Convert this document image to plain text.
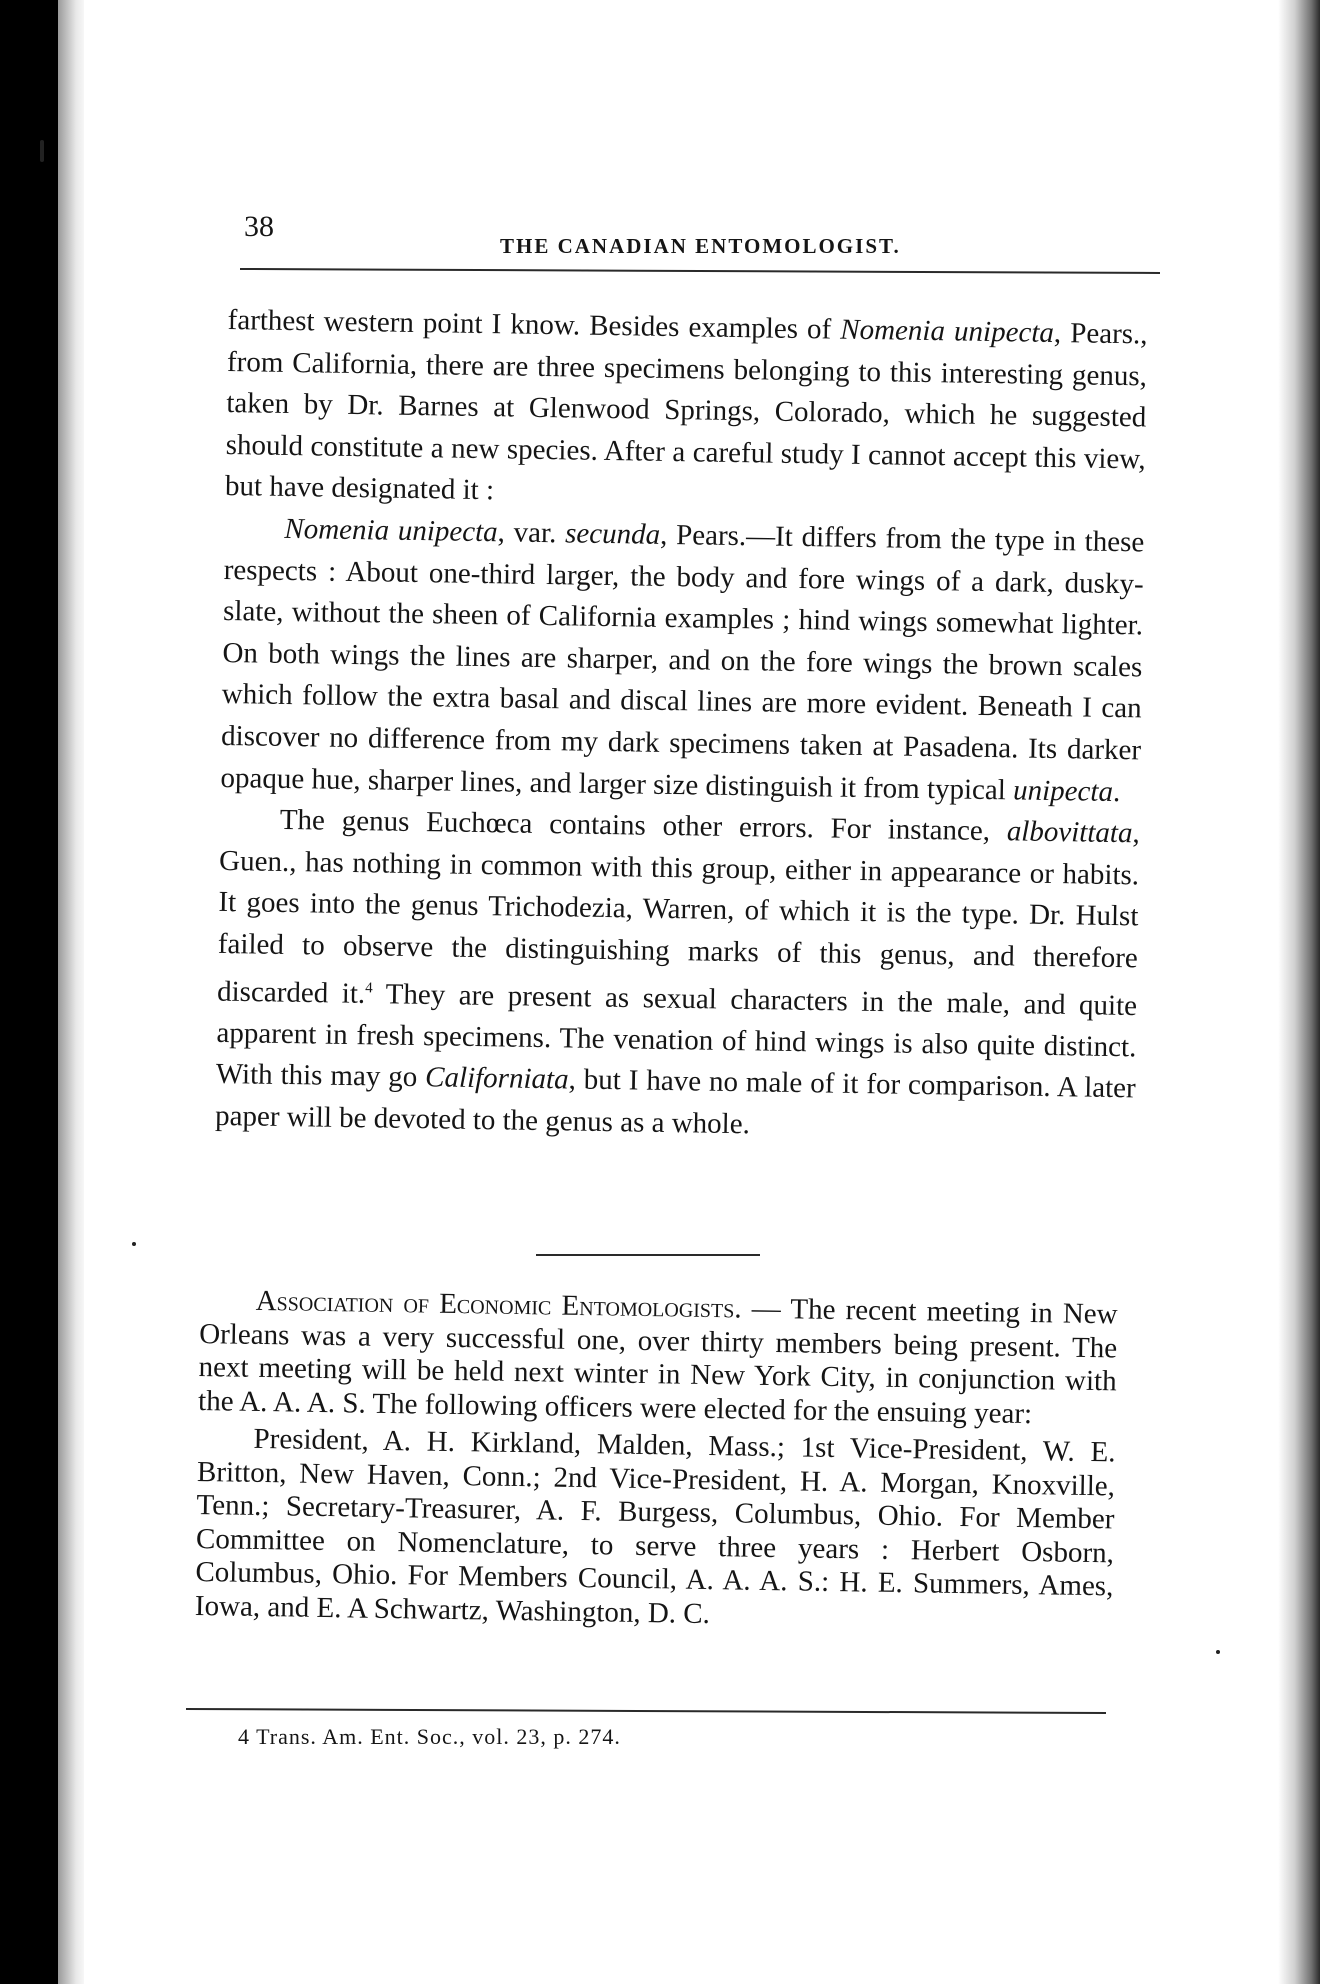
38

THE CANADIAN ENTOMOLOGIST.

farthest western point I know. Besides examples of Nomenia unipecta, Pears., from California, there are three specimens belonging to this interesting genus, taken by Dr. Barnes at Glenwood Springs, Colorado, which he suggested should constitute a new species. After a careful study I cannot accept this view, but have designated it :

Nomenia unipecta, var. secunda, Pears.—It differs from the type in these respects : About one-third larger, the body and fore wings of a dark, dusky-slate, without the sheen of California examples ; hind wings somewhat lighter. On both wings the lines are sharper, and on the fore wings the brown scales which follow the extra basal and discal lines are more evident. Beneath I can discover no difference from my dark specimens taken at Pasadena. Its darker opaque hue, sharper lines, and larger size distinguish it from typical unipecta.

The genus Euchœca contains other errors. For instance, albovittata, Guen., has nothing in common with this group, either in appearance or habits. It goes into the genus Trichodezia, Warren, of which it is the type. Dr. Hulst failed to observe the distinguishing marks of this genus, and therefore discarded it.$^4$ They are present as sexual characters in the male, and quite apparent in fresh specimens. The venation of hind wings is also quite distinct. With this may go Californiata, but I have no male of it for comparison. A later paper will be devoted to the genus as a whole.

Association of Economic Entomologists. — The recent meeting in New Orleans was a very successful one, over thirty members being present. The next meeting will be held next winter in New York City, in conjunction with the A. A. A. S. The following officers were elected for the ensuing year:

President, A. H. Kirkland, Malden, Mass.; 1st Vice-President, W. E. Britton, New Haven, Conn.; 2nd Vice-President, H. A. Morgan, Knoxville, Tenn.; Secretary-Treasurer, A. F. Burgess, Columbus, Ohio. For Member Committee on Nomenclature, to serve three years : Herbert Osborn, Columbus, Ohio. For Members Council, A. A. A. S.: H. E. Summers, Ames, Iowa, and E. A Schwartz, Washington, D. C.

4 Trans. Am. Ent. Soc., vol. 23, p. 274.
